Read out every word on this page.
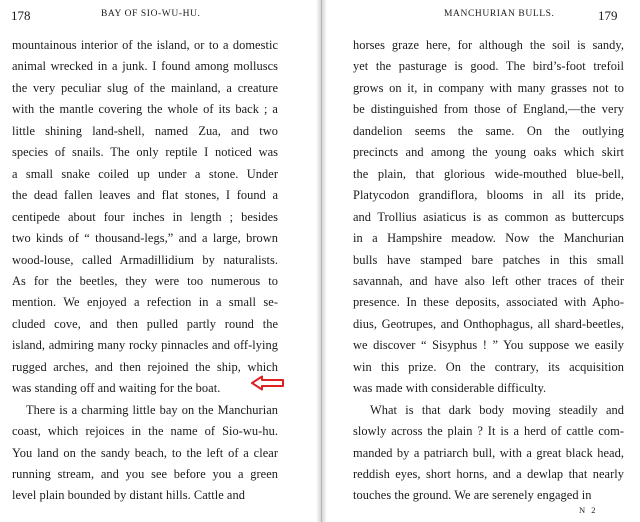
178	BAY OF SIO-WU-HU.
mountainous interior of the island, or to a domestic
animal wrecked in a junk. I found among molluscs
the very peculiar slug of the mainland, a creature
with the mantle covering the whole of its back ; a
little shining land-shell, named Zua, and two
species of snails. The only reptile I noticed was
a small snake coiled up under a stone. Under
the dead fallen leaves and flat stones, I found a
centipede about four inches in length ; besides
two kinds of “ thousand-legs,” and a large, brown
wood-louse, called Armadillidium by naturalists.
As for the beetles, they were too numerous to
mention. We enjoyed a refection in a small se-
cluded cove, and then pulled partly round the
island, admiring many rocky pinnacles and off-lying
rugged arches, and then rejoined the ship, which
was standing off and waiting for the boat.
There is a charming little bay on the Manchurian
coast, which rejoices in the name of Sio-wu-hu.
You land on the sandy beach, to the left of a clear
running stream, and you see before you a green
level plain bounded by distant hills. Cattle and
MANCHURIAN BULLS.	179
horses graze here, for although the soil is sandy,
yet the pasturage is good. The bird’s-foot trefoil
grows on it, in company with many grasses not to
be distinguished from those of England,—the very
dandelion seems the same. On the outlying
precincts and among the young oaks which skirt
the plain, that glorious wide-mouthed blue-bell,
Platycodon grandiflora, blooms in all its pride,
and Trollius asiaticus is as common as buttercups
in a Hampshire meadow. Now the Manchurian
bulls have stamped bare patches in this small
savannah, and have also left other traces of their
presence. In these deposits, associated with Apho-
dius, Geotrupes, and Onthophagus, all shard-beetles,
we discover “ Sisyphus ! ” You suppose we easily
win this prize. On the contrary, its acquisition
was made with considerable difficulty.
What is that dark body moving steadily and
slowly across the plain ? It is a herd of cattle com-
manded by a patriarch bull, with a great black head,
reddish eyes, short horns, and a dewlap that nearly
touches the ground. We are serenely engaged in
N 2
